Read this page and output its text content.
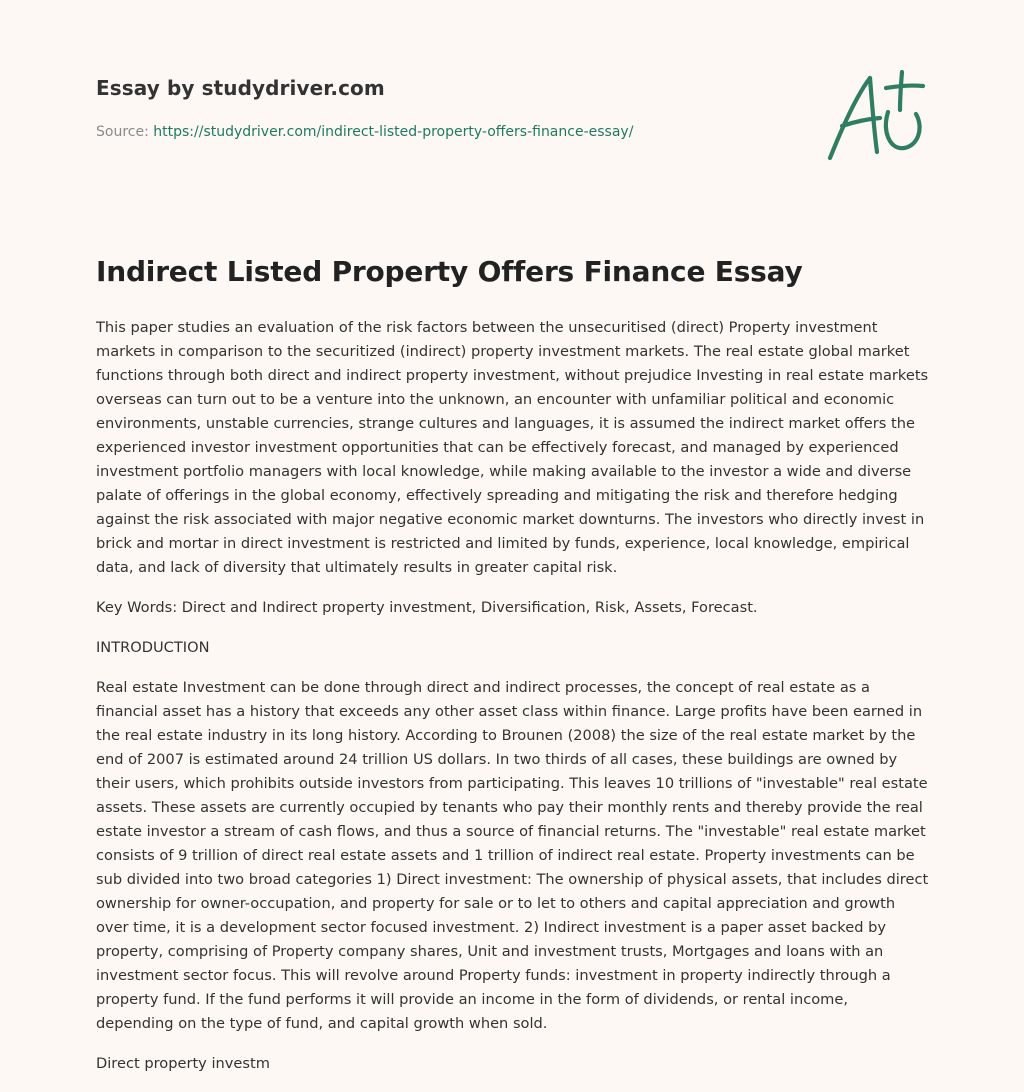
Essay by studydriver.com
Source: https://studydriver.com/indirect-listed-property-offers-finance-essay/
Indirect Listed Property Offers Finance Essay

This paper studies an evaluation of the risk factors between the unsecuritised (direct) Property investment markets in comparison to the securitized (indirect) property investment markets. The real estate global market functions through both direct and indirect property investment, without prejudice Investing in real estate markets overseas can turn out to be a venture into the unknown, an encounter with unfamiliar political and economic environments, unstable currencies, strange cultures and languages, it is assumed the indirect market offers the experienced investor investment opportunities that can be effectively forecast, and managed by experienced investment portfolio managers with local knowledge, while making available to the investor a wide and diverse palate of offerings in the global economy, effectively spreading and mitigating the risk and therefore hedging against the risk associated with major negative economic market downturns. The investors who directly invest in brick and mortar in direct investment is restricted and limited by funds, experience, local knowledge, empirical data, and lack of diversity that ultimately results in greater capital risk.

Key Words: Direct and Indirect property investment, Diversification, Risk, Assets, Forecast.

INTRODUCTION

Real estate Investment can be done through direct and indirect processes, the concept of real estate as a financial asset has a history that exceeds any other asset class within finance. Large profits have been earned in the real estate industry in its long history. According to Brounen (2008) the size of the real estate market by the end of 2007 is estimated around 24 trillion US dollars. In two thirds of all cases, these buildings are owned by their users, which prohibits outside investors from participating. This leaves 10 trillions of "investable" real estate assets. These assets are currently occupied by tenants who pay their monthly rents and thereby provide the real estate investor a stream of cash flows, and thus a source of financial returns. The "investable" real estate market consists of 9 trillion of direct real estate assets and 1 trillion of indirect real estate. Property investments can be sub divided into two broad categories 1) Direct investment: The ownership of physical assets, that includes direct ownership for owner-occupation, and property for sale or to let to others and capital appreciation and growth over time, it is a development sector focused investment. 2) Indirect investment is a paper asset backed by property, comprising of Property company shares, Unit and investment trusts, Mortgages and loans with an investment sector focus. This will revolve around Property funds: investment in property indirectly through a property fund. If the fund performs it will provide an income in the form of dividends, or rental income, depending on the type of fund, and capital growth when sold.

Direct property investm
